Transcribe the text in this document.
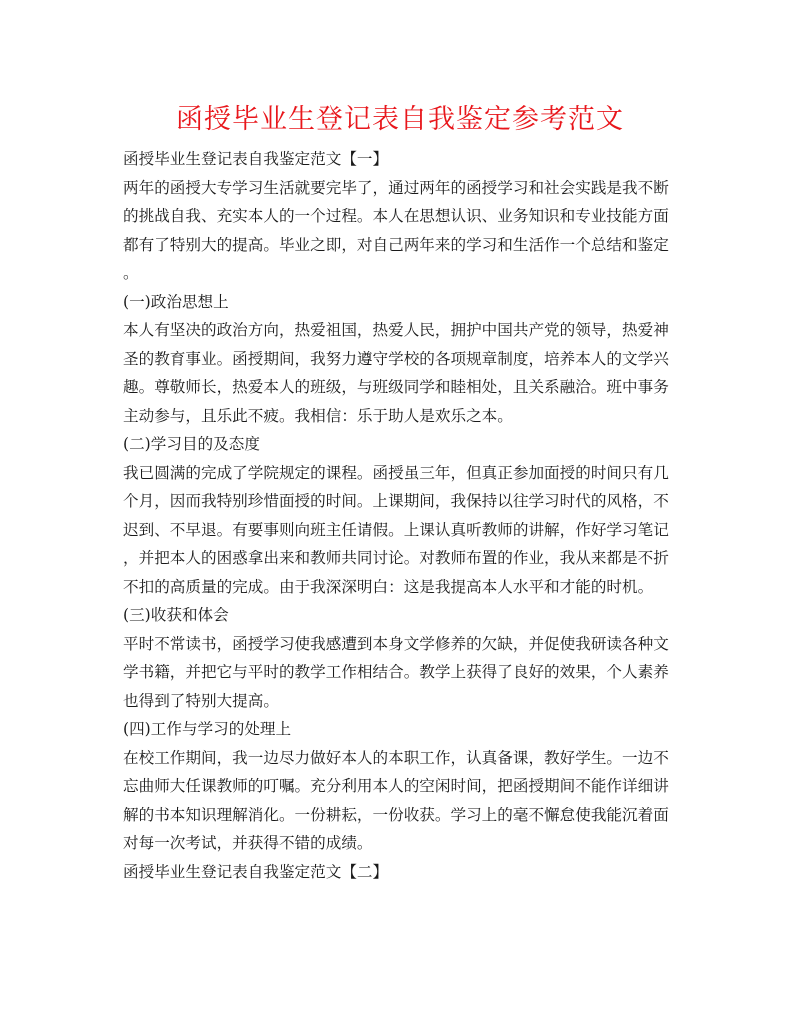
函授毕业生登记表自我鉴定参考范文
函授毕业生登记表自我鉴定范文【一】
两年的函授大专学习生活就要完毕了，通过两年的函授学习和社会实践是我不断
的挑战自我、充实本人的一个过程。本人在思想认识、业务知识和专业技能方面
都有了特别大的提高。毕业之即，对自己两年来的学习和生活作一个总结和鉴定
。
(一)政治思想上
本人有坚决的政治方向，热爱祖国，热爱人民，拥护中国共产党的领导，热爱神
圣的教育事业。函授期间，我努力遵守学校的各项规章制度，培养本人的文学兴
趣。尊敬师长，热爱本人的班级，与班级同学和睦相处，且关系融洽。班中事务
主动参与，且乐此不疲。我相信：乐于助人是欢乐之本。
(二)学习目的及态度
我已圆满的完成了学院规定的课程。函授虽三年，但真正参加面授的时间只有几
个月，因而我特别珍惜面授的时间。上课期间，我保持以往学习时代的风格，不
迟到、不早退。有要事则向班主任请假。上课认真听教师的讲解，作好学习笔记
，并把本人的困惑拿出来和教师共同讨论。对教师布置的作业，我从来都是不折
不扣的高质量的完成。由于我深深明白：这是我提高本人水平和才能的时机。
(三)收获和体会
平时不常读书，函授学习使我感遭到本身文学修养的欠缺，并促使我研读各种文
学书籍，并把它与平时的教学工作相结合。教学上获得了良好的效果，个人素养
也得到了特别大提高。
(四)工作与学习的处理上
在校工作期间，我一边尽力做好本人的本职工作，认真备课，教好学生。一边不
忘曲师大任课教师的叮嘱。充分利用本人的空闲时间，把函授期间不能作详细讲
解的书本知识理解消化。一份耕耘，一份收获。学习上的毫不懈怠使我能沉着面
对每一次考试，并获得不错的成绩。
函授毕业生登记表自我鉴定范文【二】
